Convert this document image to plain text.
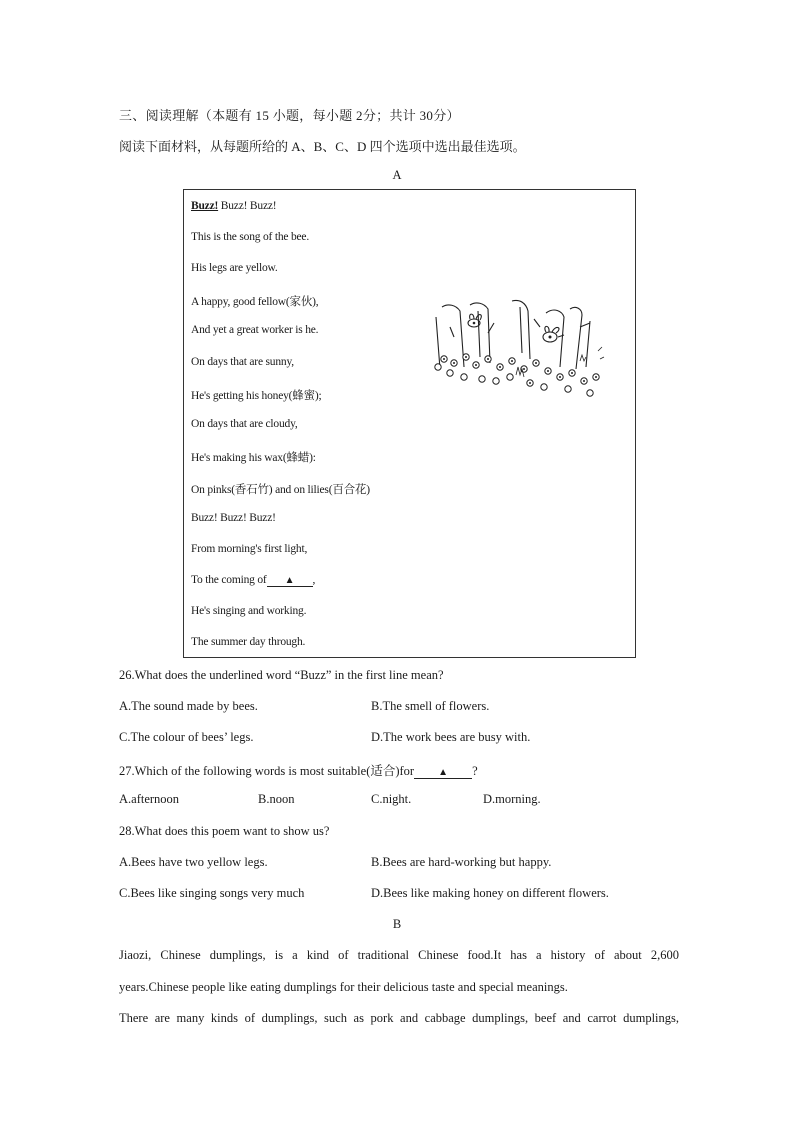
三、阅读理解（本题有 15 小题，每小题 2分；共计 30分）
阅读下面材料，从每题所给的 A、B、C、D 四个选项中选出最佳选项。
A
Buzz! Buzz! Buzz!
This is the song of the bee.
His legs are yellow.
A happy, good fellow(家伙),
And yet a great worker is he.
On days that are sunny,
He's getting his honey(蜂蜜);
On days that are cloudy,
He's making his wax(蜂蜡):
On pinks(香石竹) and on lilies(百合花)
Buzz! Buzz! Buzz!
From morning's first light,
To the coming of ▲ ,
He's singing and working.
The summer day through.
26.What does the underlined word “Buzz” in the first line mean?
A.The sound made by bees.	B.The smell of flowers.
C.The colour of bees’ legs.	D.The work bees are busy with.
27.Which of the following words is most suitable(适合)for ▲ ?
A.afternoon	B.noon	C.night.	D.morning.
28.What does this poem want to show us?
A.Bees have two yellow legs.	B.Bees are hard-working but happy.
C.Bees like singing songs very much	D.Bees like making honey on different flowers.
B
Jiaozi, Chinese dumplings, is a kind of traditional Chinese food.It has a history of about 2,600
years.Chinese people like eating dumplings for their delicious taste and special meanings.
There are many kinds of dumplings, such as pork and cabbage dumplings, beef and carrot dumplings,
